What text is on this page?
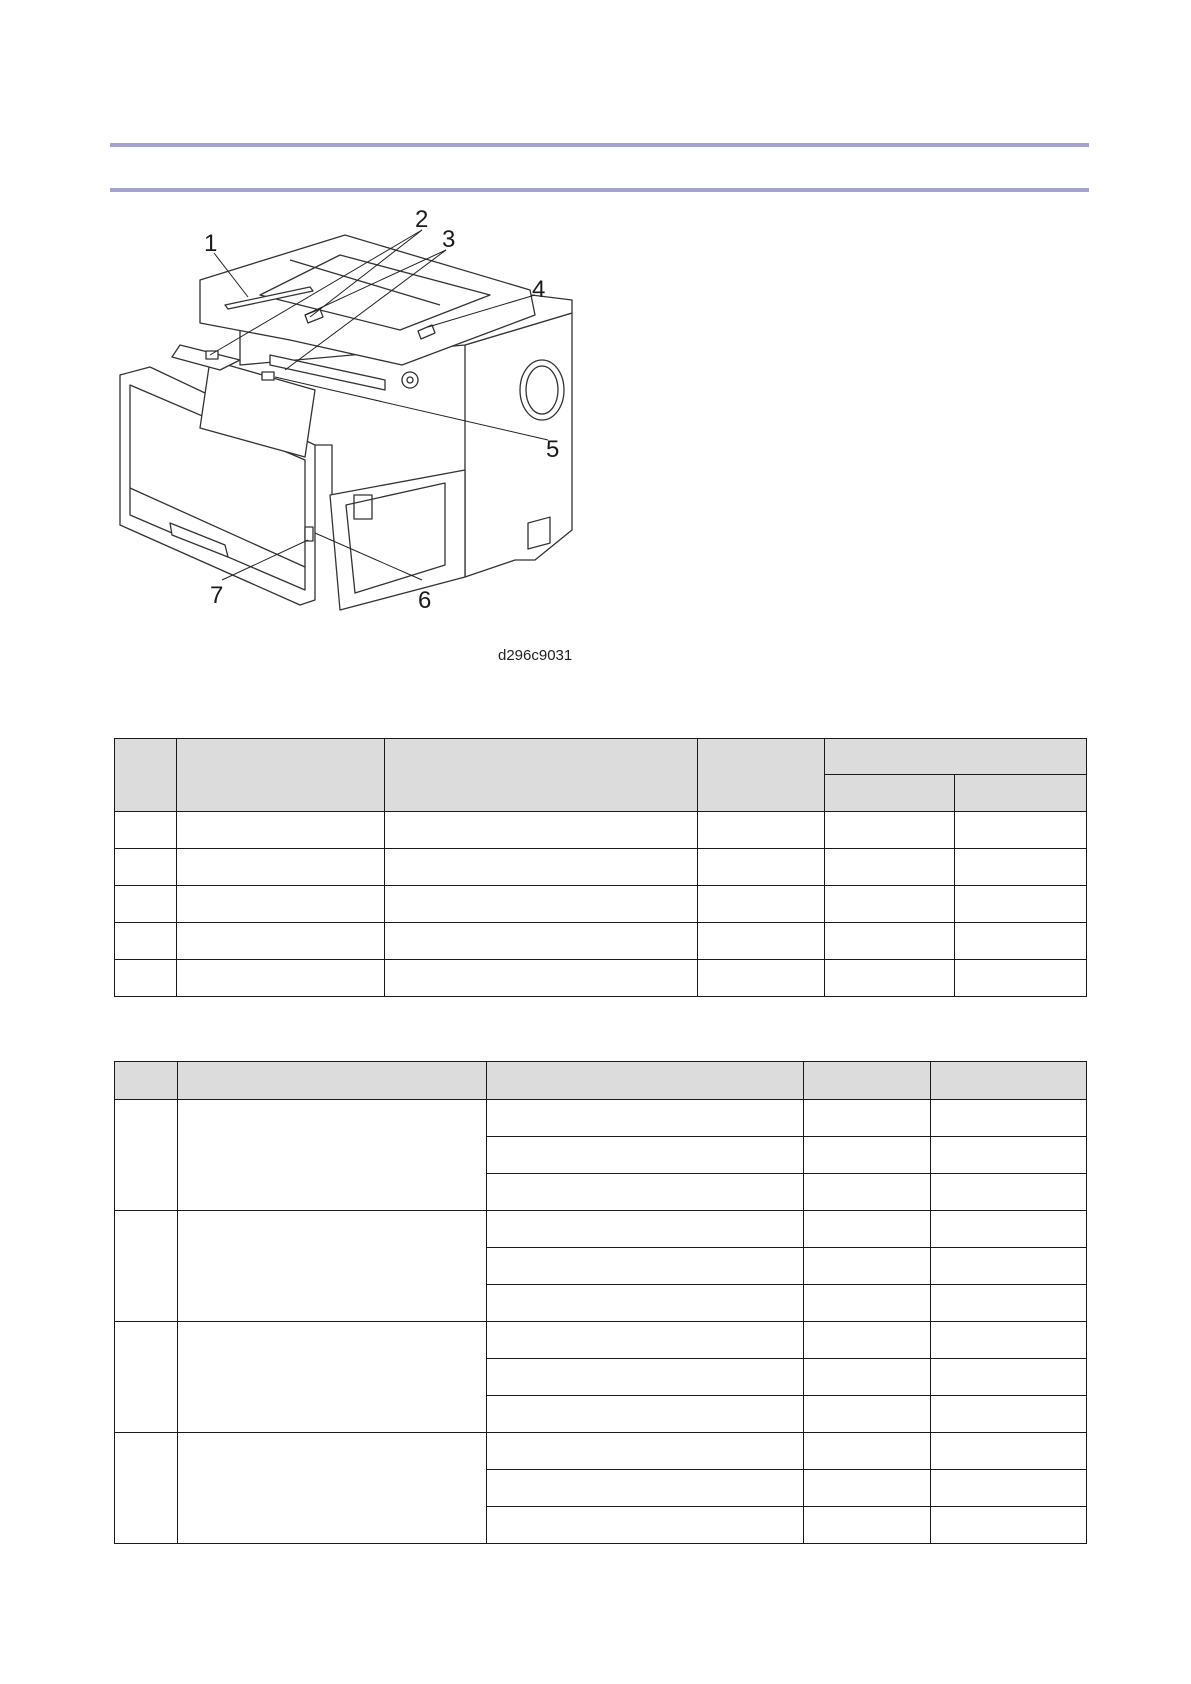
1
2
3
4
5
6
7
d296c9031
